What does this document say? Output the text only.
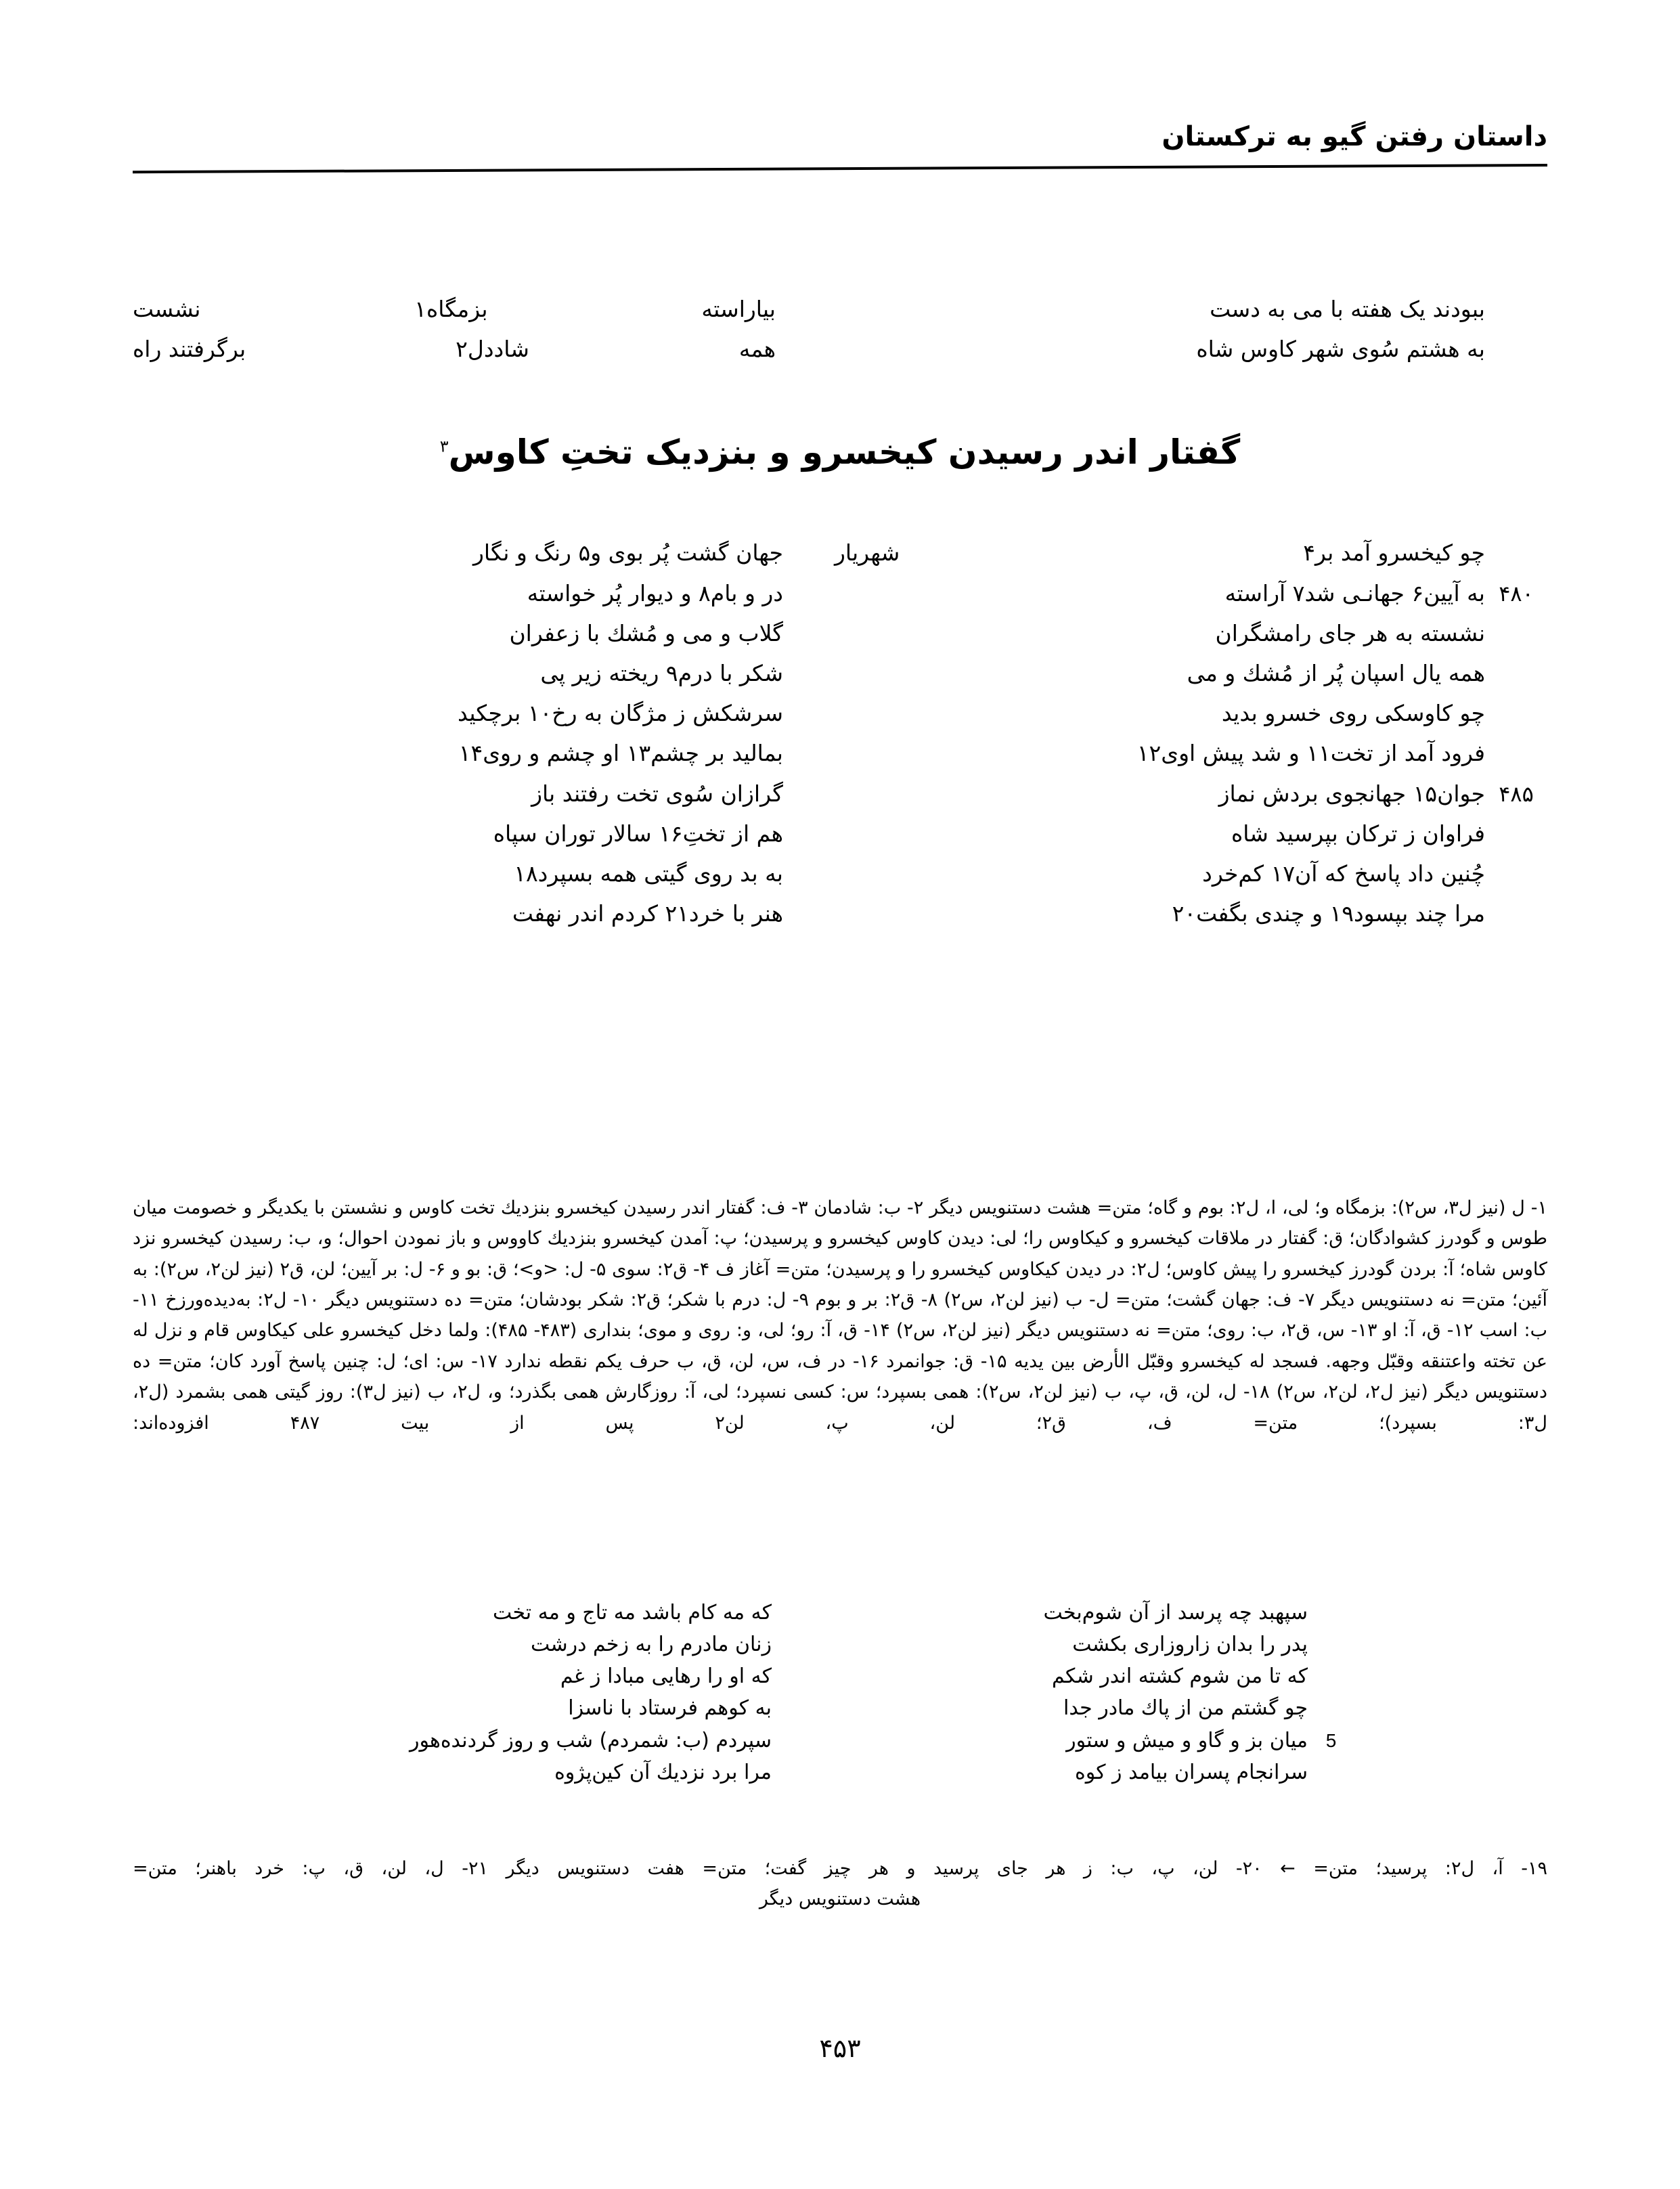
داستان رفتن گیو به ترکستان
ببودند یک هفته با می به دست
بیاراسته
بزمگاه۱
نشست
به هشتم سُوی شهر کاوس شاه
همه
شاددل۲
برگرفتند راه
گفتار اندر رسیدن کیخسرو و بنزدیک تختِ کاوس$^۳$
چو کیخسرو آمد بر۴
شهریار
جهان گشت پُر بوی و۵ رنگ و نگار
۴۸۰
به آیین۶ جهانـی شد۷ آراسته
در و بام۸ و دیوار پُر خواسته
نشسته به هر جای رامشگران
گلاب و می و مُشك با زعفران
همه یال اسپان پُر از مُشك و می
شکر با درم۹ ریخته زیر پی
چو کاوسکی روی خسرو بدید
سرشکش ز مژگان به رخ۱۰ برچکید
فرود آمد از تخت۱۱ و شد پیش اوی۱۲
بمالید بر چشم۱۳ او چشم و روی۱۴
۴۸۵
جوان۱۵ جهانجوی بردش نماز
گرازان سُوی تخت رفتند باز
فراوان ز ترکان بپرسید شاه
هم از تختِ۱۶ سالار توران سپاه
چُنین داد پاسخ که آن۱۷ کم‌خرد
به بد روی گیتی همه بسپرد۱۸
مرا چند بپسود۱۹ و چندی بگفت۲۰
هنر با خرد۲۱ کردم اندر نهفت

۱- ل (نیز ل۳، س۲): بزمگاه و؛ لی، ا، ل۲: بوم و گاه؛ متن= هشت دستنویس دیگر ۲- ب: شادمان ۳- ف: گفتار اندر رسیدن کیخسرو بنزدیك تخت کاوس و نشستن با یکدیگر و خصومت میان طوس و گودرز کشوادگان؛ ق: گفتار در ملاقات کیخسرو و کیکاوس را؛ لی: دیدن کاوس کیخسرو و پرسیدن؛ پ: آمدن کیخسرو بنزدیك کاووس و باز نمودن احوال؛ و، ب: رسیدن کیخسرو نزد کاوس شاه؛ آ: بردن گودرز کیخسرو را پیش کاوس؛ ل۲: در دیدن کیکاوس کیخسرو را و پرسیدن؛ متن= آغاز ف ۴- ق۲: سوی ۵- ل: <و>؛ ق: بو و ۶- ل: بر آیین؛ لن، ق۲ (نیز لن۲، س۲): به آئین؛ متن= نه دستنویس دیگر ۷- ف: جهان گشت؛ متن= ل- ب (نیز لن۲، س۲) ۸- ق۲: بر و بوم ۹- ل: درم با شکر؛ ق۲: شکر بودشان؛ متن= ده دستنویس دیگر ۱۰- ل۲: به‌دیده‌ورزخ ۱۱- ب: اسب ۱۲- ق، آ: او ۱۳- س، ق۲، ب: روی؛ متن= نه دستنویس دیگر (نیز لن۲، س۲) ۱۴- ق، آ: رو؛ لی، و: روی و موی؛ بنداری (۴۸۳- ۴۸۵): ولما دخل کیخسرو علی کیکاوس قام و نزل له عن تخته واعتنقه وقبّل وجهه. فسجد له کیخسرو وقبّل الأرض بین یدیه ۱۵- ق: جوانمرد ۱۶- در ف، س، لن، ق، ب حرف یکم نقطه ندارد ۱۷- س: ای؛ ل: چنین پاسخ آورد کان؛ متن= ده دستنویس دیگر (نیز ل۲، لن۲، س۲) ۱۸- ل، لن، ق، پ، ب (نیز لن۲، س۲): همی بسپرد؛ س: کسی نسپرد؛ لی، آ: روزگارش همی بگذرد؛ و، ل۲، ب (نیز ل۳): روز گیتی همی بشمرد (ل۲، ل۳: بسپرد)؛ متن= ف، ق۲؛ لن، پ، لن۲ پس از بیت ۴۸۷ افزوده‌اند:

سپهبد چه پرسد از آن شوم‌بخت
که مه کام باشد مه تاج و مه تخت
پدر را بدان زاروزاری بکشت
زنان مادرم را به زخم درشت
که تا من شوم کشته اندر شکم
که او را رهایی مبادا ز غم
چو گشتم من از پاك مادر جدا
به کوهم فرستاد با ناسزا
5
میان بز و گاو و میش و ستور
سپردم (ب: شمردم) شب و روز گردنده‌هور
سرانجام پسران بیامد ز کوه
مرا برد نزدیك آن کین‌پژوه

۱۹- آ، ل۲: پرسید؛ متن= ← ۲۰- لن، پ، ب: ز هر جای پرسید و هر چیز گفت؛ متن= هفت دستنویس دیگر ۲۱- ل، لن، ق، پ: خرد باهنر؛ متن=

هشت دستنویس دیگر

۴۵۳
